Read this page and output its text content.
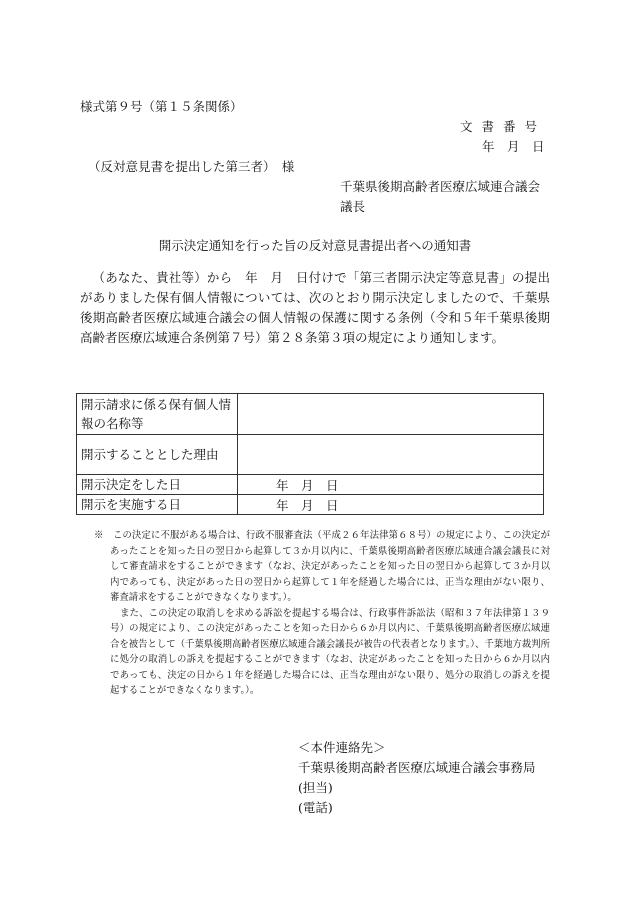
様式第９号（第１５条関係）
文書番号
年　月　日
（反対意見書を提出した第三者）　様
千葉県後期高齢者医療広域連合議会
議長
開示決定通知を行った旨の反対意見書提出者への通知書

（あなた、貴社等）から　年　月　日付けで「第三者開示決定等意見書」の提出がありました保有個人情報については、次のとおり開示決定しましたので、千葉県後期高齢者医療広域連合議会の個人情報の保護に関する条例（令和５年千葉県後期高齢者医療広域連合条例第７号）第２８条第３項の規定により通知します。

開示請求に係る保有個人情報の名称等	
開示することとした理由	
開示決定をした日	年　月　日
開示を実施する日	年　月　日

※　この決定に不服がある場合は、行政不服審査法（平成２６年法律第６８号）の規定により、この決定があったことを知った日の翌日から起算して３か月以内に、千葉県後期高齢者医療広域連合議会議長に対して審査請求をすることができます（なお、決定があったことを知った日の翌日から起算して３か月以内であっても、決定があった日の翌日から起算して１年を経過した場合には、正当な理由がない限り、審査請求をすることができなくなります。）。

また、この決定の取消しを求める訴訟を提起する場合は、行政事件訴訟法（昭和３７年法律第１３９号）の規定により、この決定があったことを知った日から６か月以内に、千葉県後期高齢者医療広域連合を被告として（千葉県後期高齢者医療広域連合議会議長が被告の代表者となります。）、千葉地方裁判所に処分の取消しの訴えを提起することができます（なお、決定があったことを知った日から６か月以内であっても、決定の日から１年を経過した場合には、正当な理由がない限り、処分の取消しの訴えを提起することができなくなります。）。

＜本件連絡先＞
千葉県後期高齢者医療広域連合議会事務局
(担当)
(電話)
